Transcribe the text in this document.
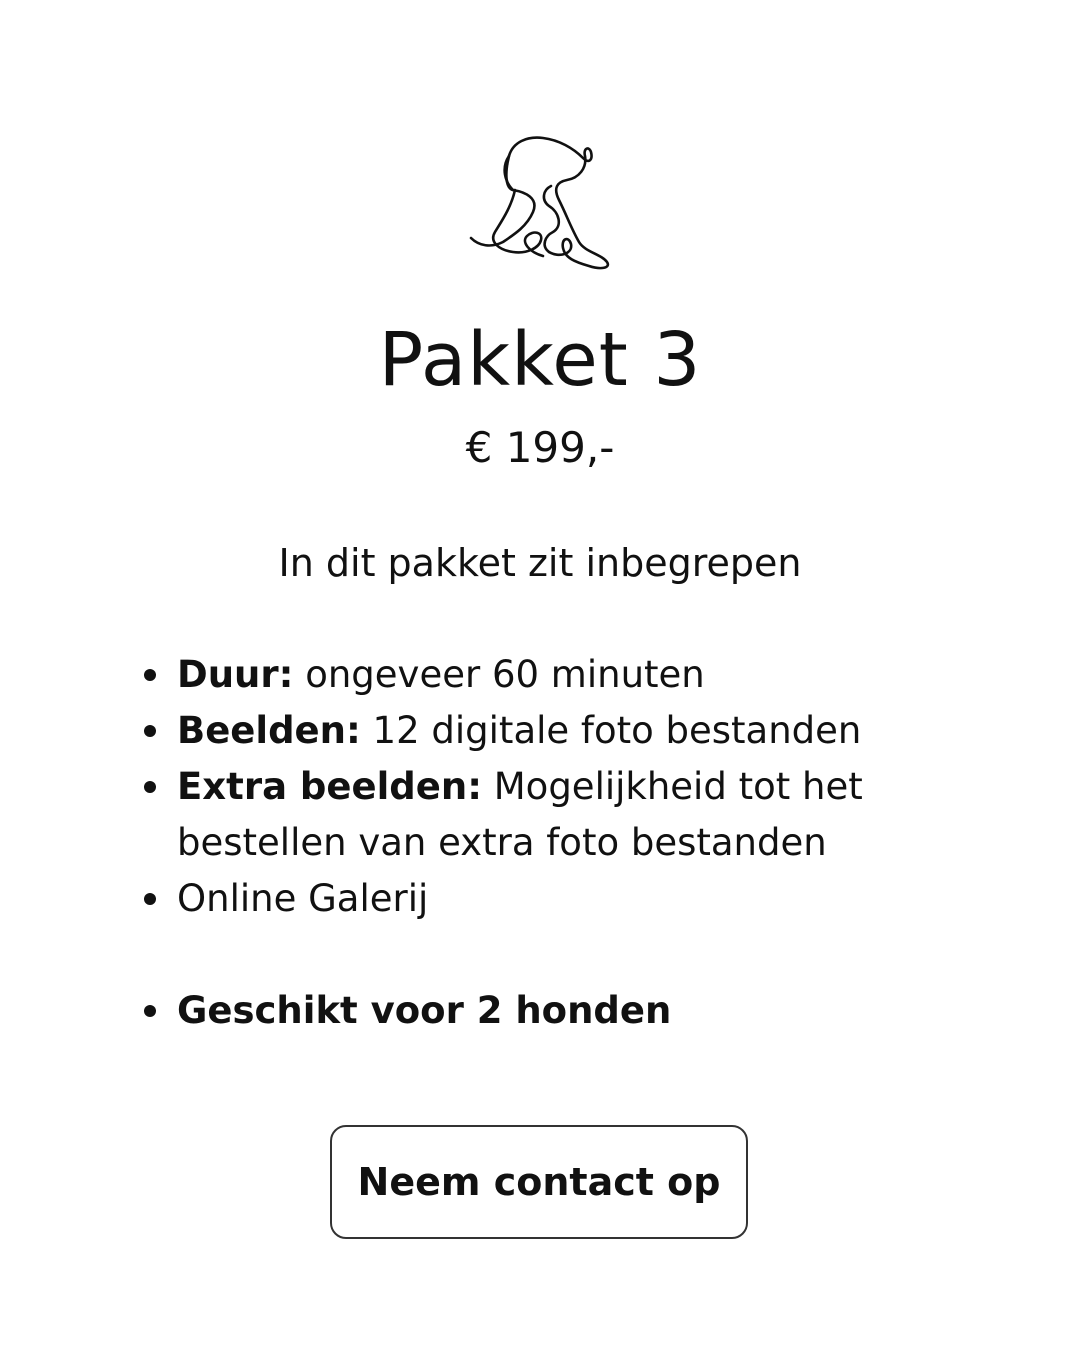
Pakket 3
€ 199,-
In dit pakket zit inbegrepen
Duur: ongeveer 60 minuten
Beelden: 12 digitale foto bestanden
Extra beelden: Mogelijkheid tot het bestellen van extra foto bestanden
Online Galerij
Geschikt voor 2 honden
Neem contact op
